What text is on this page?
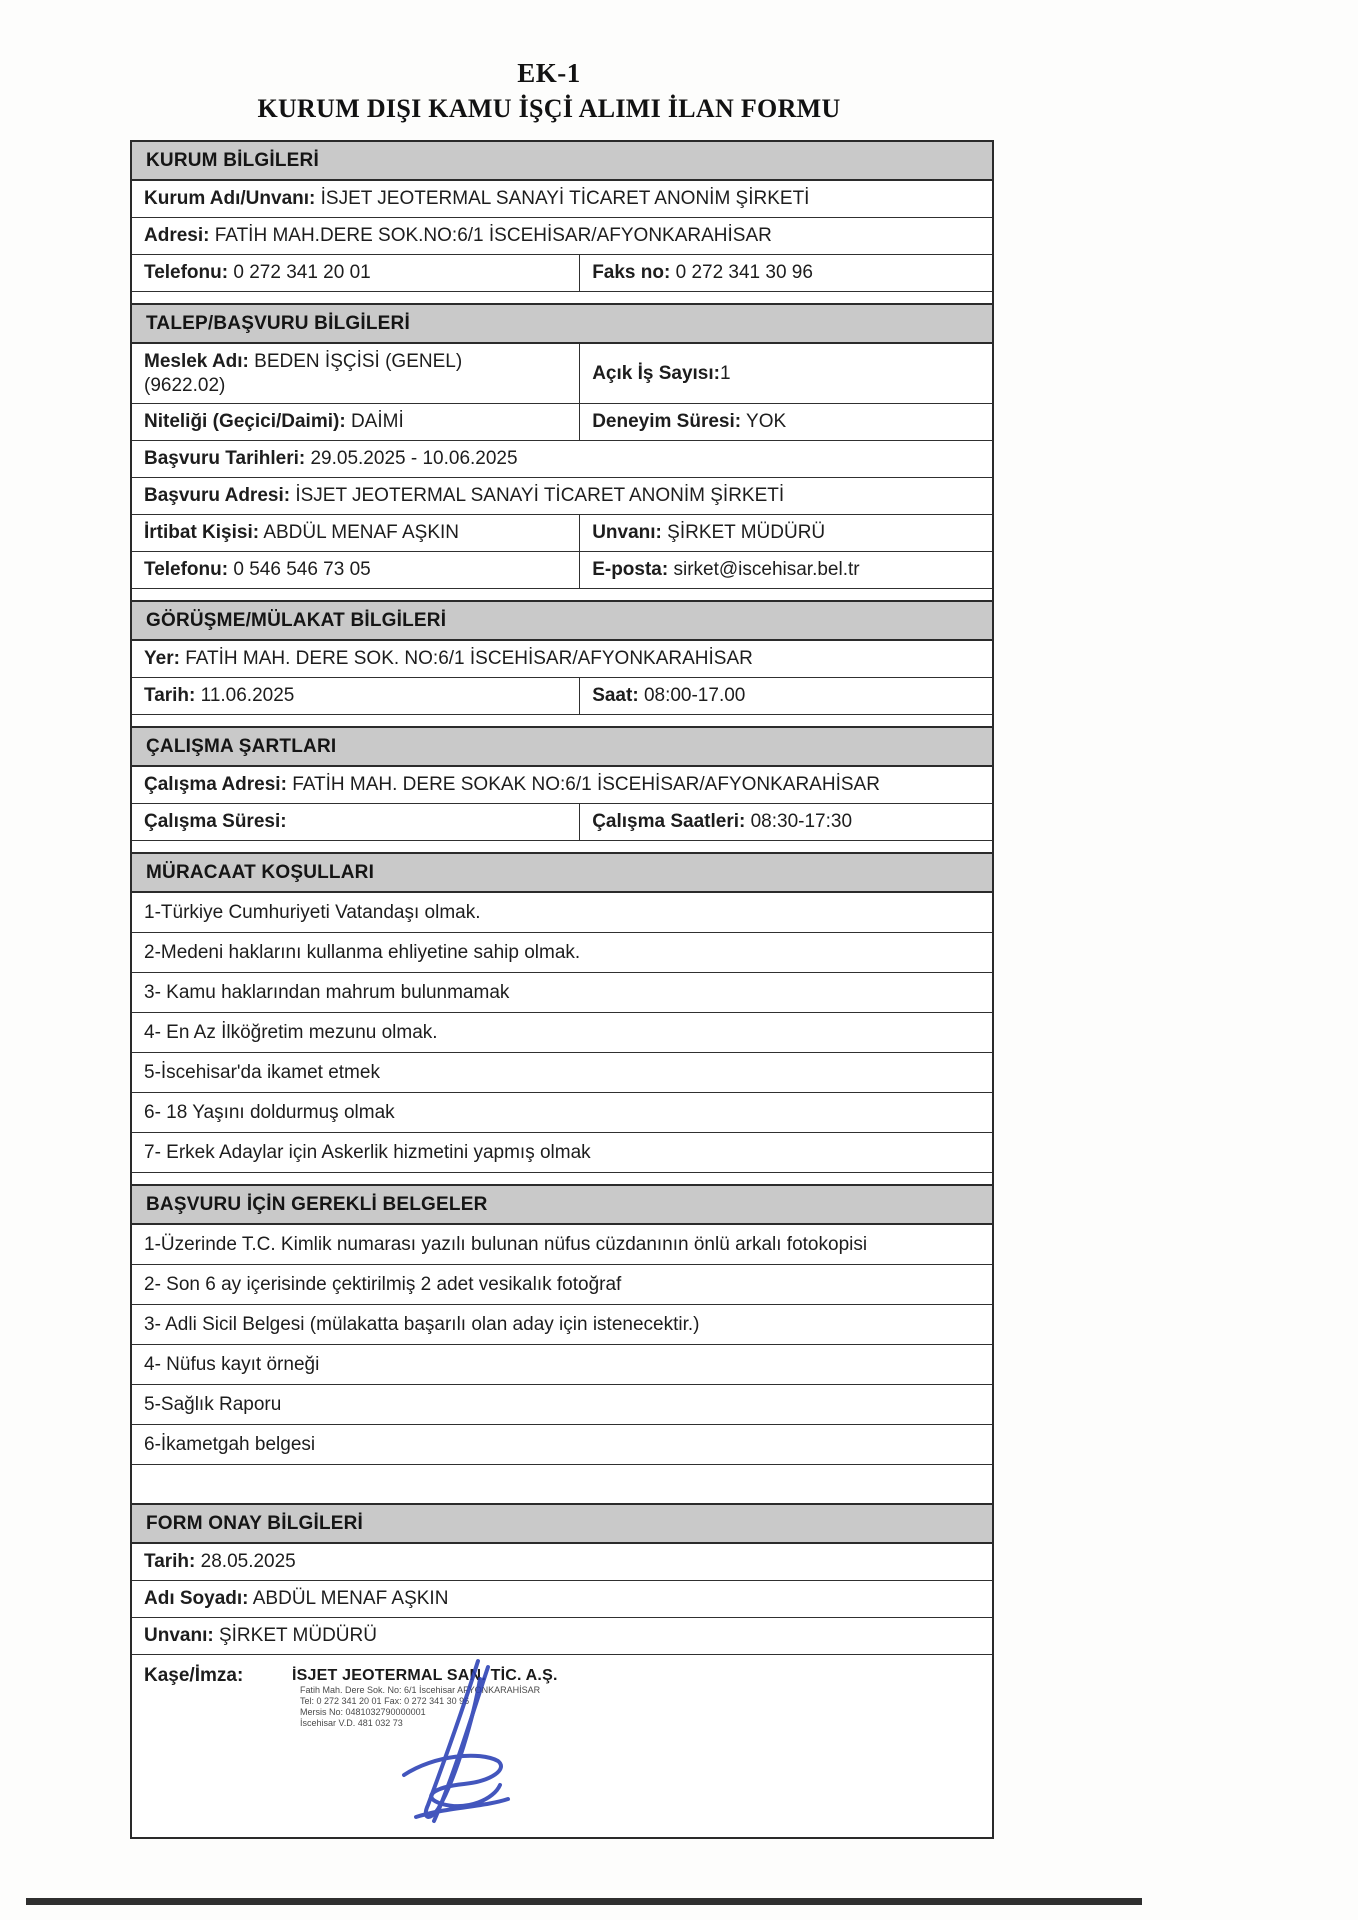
EK-1
KURUM DIŞI KAMU İŞÇİ ALIMI İLAN FORMU
KURUM BİLGİLERİ
Kurum Adı/Unvanı: İSJET JEOTERMAL SANAYİ TİCARET ANONİM ŞİRKETİ
Adresi: FATİH MAH.DERE SOK.NO:6/1 İSCEHİSAR/AFYONKARAHİSAR
Telefonu: 0 272 341 20 01	Faks no: 0 272 341 30 96
TALEP/BAŞVURU BİLGİLERİ
Meslek Adı: BEDEN İŞÇİSİ (GENEL)
(9622.02)
Açık İş Sayısı:1
Niteliği (Geçici/Daimi): DAİMİ	Deneyim Süresi: YOK
Başvuru Tarihleri: 29.05.2025 - 10.06.2025
Başvuru Adresi: İSJET JEOTERMAL SANAYİ TİCARET ANONİM ŞİRKETİ
İrtibat Kişisi: ABDÜL MENAF AŞKIN	Unvanı: ŞİRKET MÜDÜRÜ
Telefonu: 0 546 546 73 05	E-posta: sirket@iscehisar.bel.tr
GÖRÜŞME/MÜLAKAT BİLGİLERİ
Yer: FATİH MAH. DERE SOK. NO:6/1 İSCEHİSAR/AFYONKARAHİSAR
Tarih: 11.06.2025	Saat: 08:00-17.00
ÇALIŞMA ŞARTLARI
Çalışma Adresi: FATİH MAH. DERE SOKAK NO:6/1 İSCEHİSAR/AFYONKARAHİSAR
Çalışma Süresi:	Çalışma Saatleri: 08:30-17:30
MÜRACAAT KOŞULLARI
1-Türkiye Cumhuriyeti Vatandaşı olmak.
2-Medeni haklarını kullanma ehliyetine sahip olmak.
3- Kamu haklarından mahrum bulunmamak
4- En Az İlköğretim mezunu olmak.
5-İscehisar'da ikamet etmek
6- 18 Yaşını doldurmuş olmak
7- Erkek Adaylar için Askerlik hizmetini yapmış olmak
BAŞVURU İÇİN GEREKLİ BELGELER
1-Üzerinde T.C. Kimlik numarası yazılı bulunan nüfus cüzdanının önlü arkalı fotokopisi
2- Son 6 ay içerisinde çektirilmiş 2 adet vesikalık fotoğraf
3- Adli Sicil Belgesi (mülakatta başarılı olan aday için istenecektir.)
4- Nüfus kayıt örneği
5-Sağlık Raporu
6-İkametgah belgesi
FORM ONAY BİLGİLERİ
Tarih: 28.05.2025
Adı Soyadı: ABDÜL MENAF AŞKIN
Unvanı: ŞİRKET MÜDÜRÜ
Kaşe/İmza:	İSJET JEOTERMAL SAN. TİC. A.Ş.
Fatih Mah. Dere Sok. No: 6/1 İscehisar AFYONKARAHİSAR
Tel: 0 272 341 20 01 Fax: 0 272 341 30 96
Mersis No: 0481032790000001
İscehisar V.D. 481 032 73
